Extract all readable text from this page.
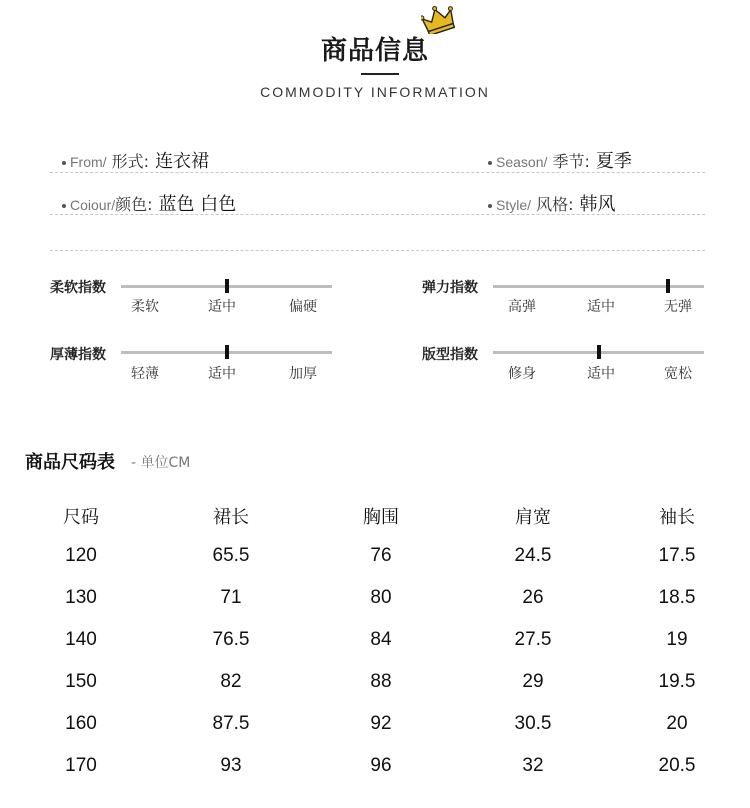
商品信息
COMMODITY INFORMATION
From/ 形式: 连衣裙	Season/ 季节: 夏季
Coiour/颜色: 蓝色 白色	Style/ 风格: 韩风
柔软指数
柔软	适中	偏硬
弹力指数
高弹	适中	无弹
厚薄指数
轻薄	适中	加厚
版型指数
修身	适中	宽松
商品尺码表 - 单位CM
尺码	裙长	胸围	肩宽	袖长
120	65.5	76	24.5	17.5
130	71	80	26	18.5
140	76.5	84	27.5	19
150	82	88	29	19.5
160	87.5	92	30.5	20
170	93	96	32	20.5
